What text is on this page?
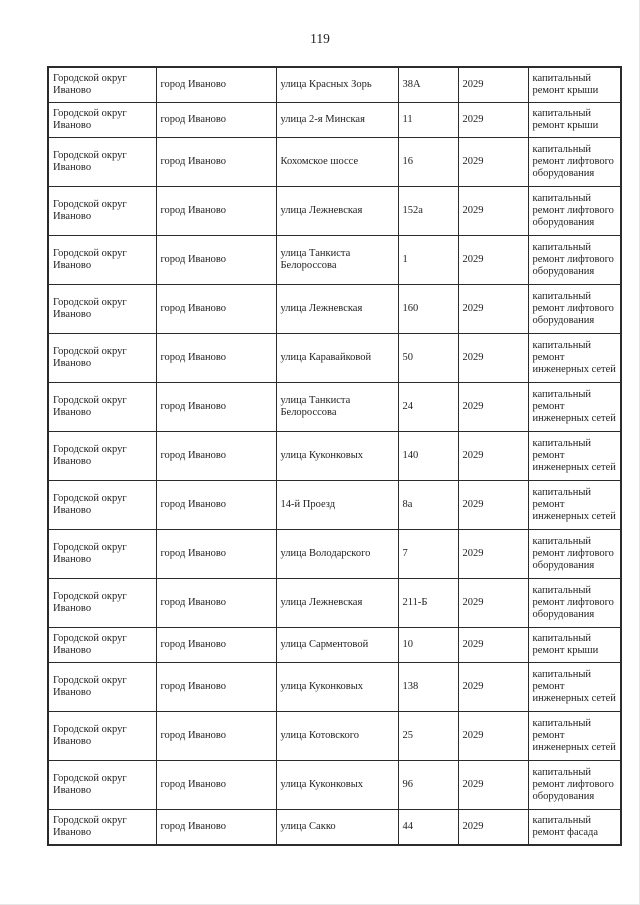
119
Городской округ Иваново	город Иваново	улица Красных Зорь	38А	2029	капитальный ремонт крыши
Городской округ Иваново	город Иваново	улица 2-я Минская	11	2029	капитальный ремонт крыши
Городской округ Иваново	город Иваново	Кохомское шоссе	16	2029	капитальный ремонт лифтового оборудования
Городской округ Иваново	город Иваново	улица Лежневская	152а	2029	капитальный ремонт лифтового оборудования
Городской округ Иваново	город Иваново	улица Танкиста Белороссова	1	2029	капитальный ремонт лифтового оборудования
Городской округ Иваново	город Иваново	улица Лежневская	160	2029	капитальный ремонт лифтового оборудования
Городской округ Иваново	город Иваново	улица Каравайковой	50	2029	капитальный ремонт инженерных сетей
Городской округ Иваново	город Иваново	улица Танкиста Белороссова	24	2029	капитальный ремонт инженерных сетей
Городской округ Иваново	город Иваново	улица Куконковых	140	2029	капитальный ремонт инженерных сетей
Городской округ Иваново	город Иваново	14-й Проезд	8а	2029	капитальный ремонт инженерных сетей
Городской округ Иваново	город Иваново	улица Володарского	7	2029	капитальный ремонт лифтового оборудования
Городской округ Иваново	город Иваново	улица Лежневская	211-Б	2029	капитальный ремонт лифтового оборудования
Городской округ Иваново	город Иваново	улица Сарментовой	10	2029	капитальный ремонт крыши
Городской округ Иваново	город Иваново	улица Куконковых	138	2029	капитальный ремонт инженерных сетей
Городской округ Иваново	город Иваново	улица Котовского	25	2029	капитальный ремонт инженерных сетей
Городской округ Иваново	город Иваново	улица Куконковых	96	2029	капитальный ремонт лифтового оборудования
Городской округ Иваново	город Иваново	улица Сакко	44	2029	капитальный ремонт фасада
